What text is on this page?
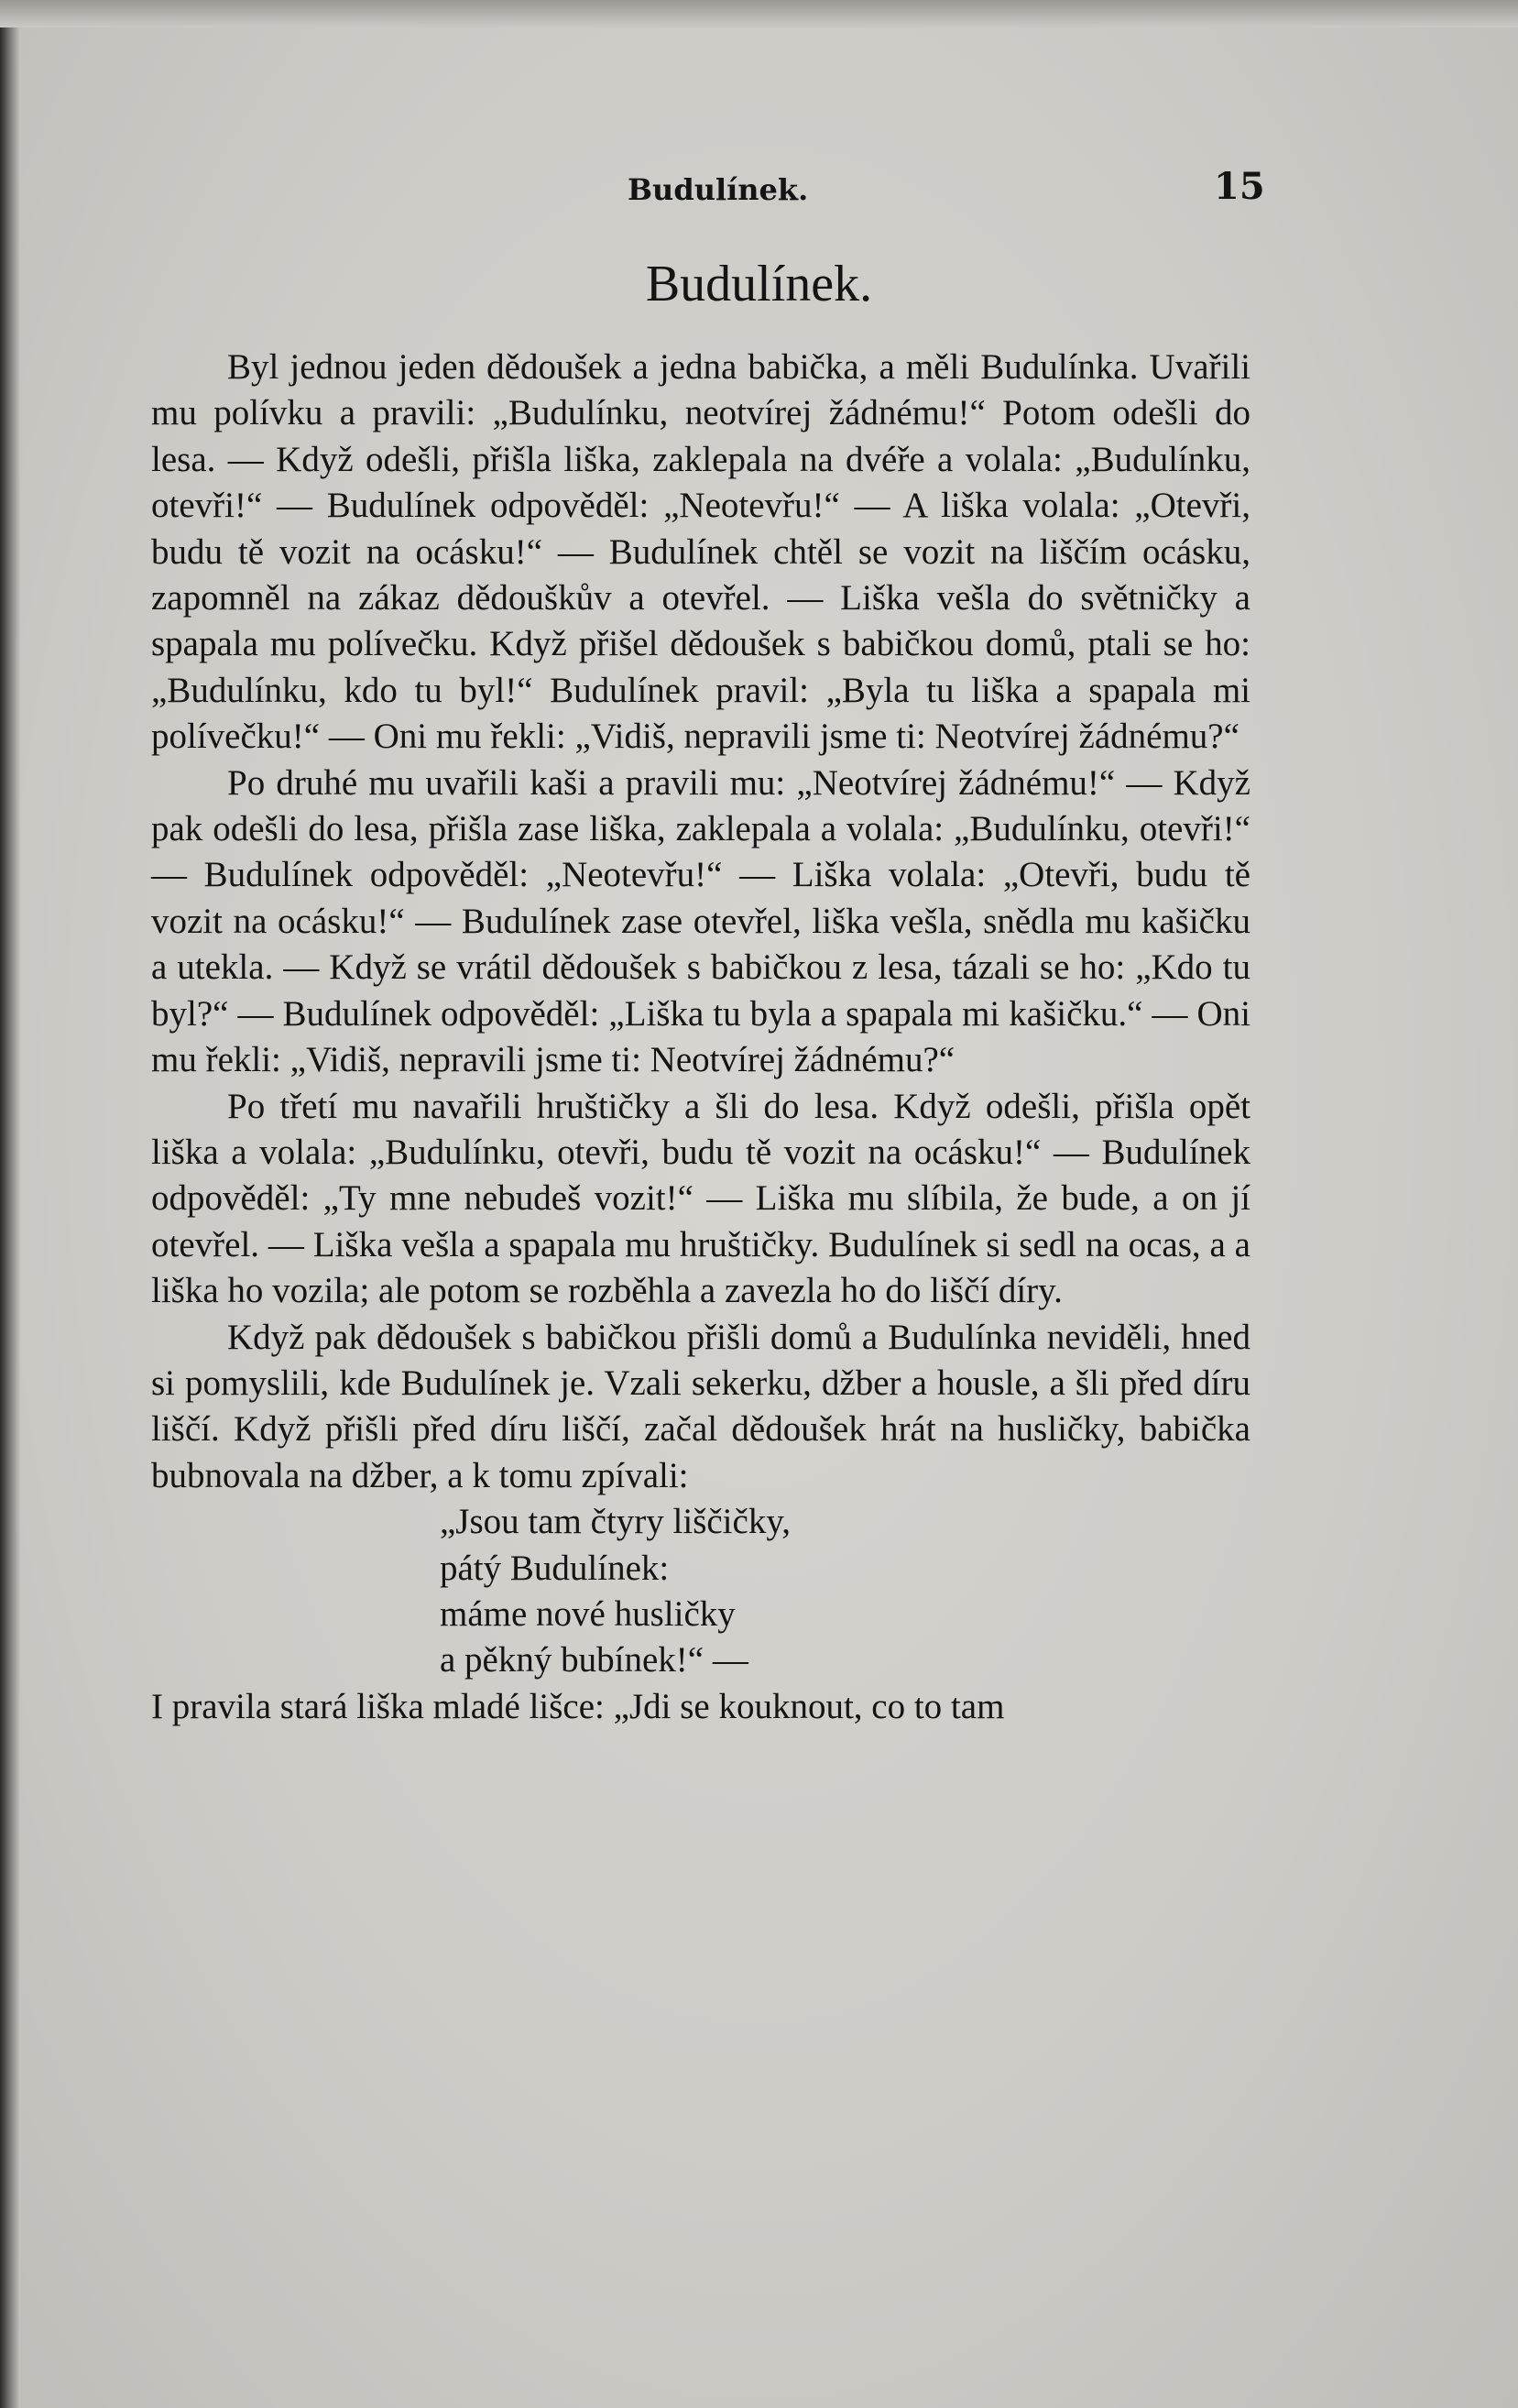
Budulínek.	15
Budulínek.

Byl jednou jeden dědoušek a jedna babička, a měli Budulínka. Uvařili mu polívku a pravili: „Budulínku, neotvírej žádnému!“ Potom odešli do lesa. — Když odešli, přišla liška, zaklepala na dvéře a volala: „Budulínku, otevři!“ — Budulínek odpověděl: „Neotevřu!“ — A liška volala: „Otevři, budu tě vozit na ocásku!“ — Budulínek chtěl se vozit na liščím ocásku, zapomněl na zákaz dědouškův a otevřel. — Liška vešla do světničky a spapala mu polívečku. Když přišel dědoušek s babičkou domů, ptali se ho: „Budulínku, kdo tu byl!“ Budulínek pravil: „Byla tu liška a spapala mi polívečku!“ — Oni mu řekli: „Vidiš, nepravili jsme ti: Neotvírej žádnému?“

Po druhé mu uvařili kaši a pravili mu: „Neotvírej žádnému!“ — Když pak odešli do lesa, přišla zase liška, zaklepala a volala: „Budulínku, otevři!“ — Budulínek odpověděl: „Neotevřu!“ — Liška volala: „Otevři, budu tě vozit na ocásku!“ — Budulínek zase otevřel, liška vešla, snědla mu kašičku a utekla. — Když se vrátil dědoušek s babičkou z lesa, tázali se ho: „Kdo tu byl?“ — Budulínek odpověděl: „Liška tu byla a spapala mi kašičku.“ — Oni mu řekli: „Vidiš, nepravili jsme ti: Neotvírej žádnému?“

Po třetí mu navařili hruštičky a šli do lesa. Když odešli, přišla opět liška a volala: „Budulínku, otevři, budu tě vozit na ocásku!“ — Budulínek odpověděl: „Ty mne nebudeš vozit!“ — Liška mu slíbila, že bude, a on jí otevřel. — Liška vešla a spapala mu hruštičky. Budulínek si sedl na ocas, a a liška ho vozila; ale potom se rozběhla a zavezla ho do liščí díry.

Když pak dědoušek s babičkou přišli domů a Budulínka neviděli, hned si pomyslili, kde Budulínek je. Vzali sekerku, džber a housle, a šli před díru liščí. Když přišli před díru liščí, začal dědoušek hrát na husličky, babička bubnovala na džber, a k tomu zpívali:

„Jsou tam čtyry liščičky,
pátý Budulínek:
máme nové husličky
a pěkný bubínek!“ —

I pravila stará liška mladé lišce: „Jdi se kouknout, co to tam
